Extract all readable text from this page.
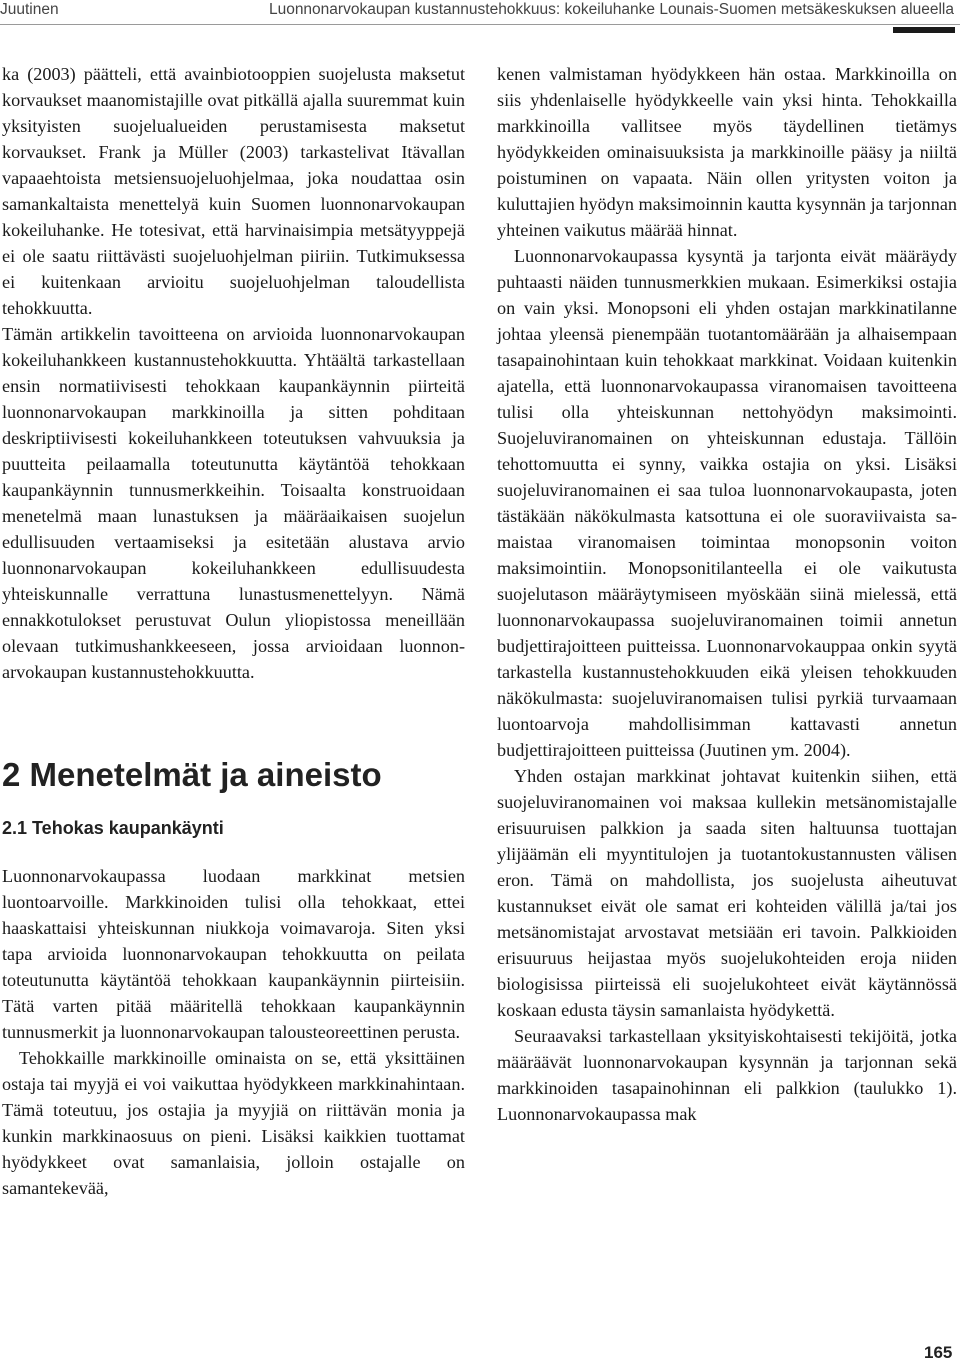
Juutinen	Luonnonarvokaupan kustannustehokkuus: kokeiluhanke Lounais-Suomen metsäkeskuksen alueella

ka (2003) päätteli, että avainbiotooppien suojelusta maksetut korvaukset maanomistajille ovat pitkällä ajalla suuremmat kuin yksityisten suojelualueiden perustamisesta maksetut korvaukset. Frank ja Müller (2003) tarkastelivat Itävallan vapaaehtoista metsiensuojeluohjelmaa, joka noudattaa osin samankaltaista menettelyä kuin Suomen luonnonarvokaupan kokeiluhanke. He totesivat, että harvinaisimpia metsätyyppejä ei ole saatu riittävästi suojeluohjelman piiriin. Tutkimuksessa ei kuitenkaan arvioitu suojeluohjelman taloudellista tehokkuutta.

Tämän artikkelin tavoitteena on arvioida luonnonarvokaupan kokeiluhankkeen kustannustehokkuutta. Yhtäältä tarkastellaan ensin normatiivisesti tehokkaan kaupankäynnin piirteitä luonnonarvokaupan markkinoilla ja sitten pohditaan deskriptiivisesti kokeiluhankkeen toteutuksen vahvuuksia ja puutteita peilaamalla toteutunutta käytäntöä tehokkaan kaupankäynnin tunnusmerkkeihin. Toisaalta konstruoidaan menetelmä maan lunastuksen ja määräaikaisen suojelun edullisuuden vertaamiseksi ja esitetään alustava arvio luonnonarvokaupan kokeiluhankkeen edullisuudesta yhteiskunnalle verrattuna lunastusmenettelyyn. Nämä ennakkotulokset perustuvat Oulun yliopistossa meneillään olevaan tutkimushankkeeseen, jossa arvioidaan luonnonarvokaupan kustannustehokkuutta.

2 Menetelmät ja aineisto
2.1 Tehokas kaupankäynti

Luonnonarvokaupassa luodaan markkinat metsien luontoarvoille. Markkinoiden tulisi olla tehokkaat, ettei haaskattaisi yhteiskunnan niukkoja voimavaroja. Siten yksi tapa arvioida luonnonarvokaupan tehokkuutta on peilata toteutunutta käytäntöä tehokkaan kaupankäynnin piirteisiin. Tätä varten pitää määritellä tehokkaan kaupankäynnin tunnusmerkit ja luonnonarvokaupan talousteoreettinen perusta.

Tehokkaille markkinoille ominaista on se, että yksittäinen ostaja tai myyjä ei voi vaikuttaa hyödykkeen markkinahintaan. Tämä toteutuu, jos ostajia ja myyjiä on riittävän monia ja kunkin markkinaosuus on pieni. Lisäksi kaikkien tuottamat hyödykkeet ovat samanlaisia, jolloin ostajalle on samantekevää,

kenen valmistaman hyödykkeen hän ostaa. Markkinoilla on siis yhdenlaiselle hyödykkeelle vain yksi hinta. Tehokkailla markkinoilla vallitsee myös täydellinen tietämys hyödykkeiden ominaisuuksista ja markkinoille pääsy ja niiltä poistuminen on vapaata. Näin ollen yritysten voiton ja kuluttajien hyödyn maksimoinnin kautta kysynnän ja tarjonnan yhteinen vaikutus määrää hinnat.

Luonnonarvokaupassa kysyntä ja tarjonta eivät määräydy puhtaasti näiden tunnusmerkkien mukaan. Esimerkiksi ostajia on vain yksi. Monopsoni eli yhden ostajan markkinatilanne johtaa yleensä pienempään tuotantomäärään ja alhaisempaan tasapainohintaan kuin tehokkaat markkinat. Voidaan kuitenkin ajatella, että luonnonarvokaupassa viranomaisen tavoitteena tulisi olla yhteiskunnan nettohyödyn maksimointi. Suojeluviranomainen on yhteiskunnan edustaja. Tällöin tehottomuutta ei synny, vaikka ostajia on yksi. Lisäksi suojeluviranomainen ei saa tuloa luonnonarvokaupasta, joten tästäkään näkökulmasta katsottuna ei ole suoraviivaista samaistaa viranomaisen toimintaa monopsonin voiton maksimointiin. Monopsonitilanteella ei ole vaikutusta suojelutason määräytymiseen myöskään siinä mielessä, että luonnonarvokaupassa suojeluviranomainen toimii annetun budjettirajoitteen puitteissa. Luonnonarvokauppaa onkin syytä tarkastella kustannustehokkuuden eikä yleisen tehokkuuden näkökulmasta: suojeluviranomaisen tulisi pyrkiä turvaamaan luontoarvoja mahdollisimman kattavasti annetun budjettirajoitteen puitteissa (Juutinen ym. 2004).

Yhden ostajan markkinat johtavat kuitenkin siihen, että suojeluviranomainen voi maksaa kullekin metsänomistajalle erisuuruisen palkkion ja saada siten haltuunsa tuottajan ylijäämän eli myyntitulojen ja tuotantokustannusten välisen eron. Tämä on mahdollista, jos suojelusta aiheutuvat kustannukset eivät ole samat eri kohteiden välillä ja/tai jos metsänomistajat arvostavat metsiään eri tavoin. Palkkioiden erisuuruus heijastaa myös suojelukohteiden eroja niiden biologisissa piirteissä eli suojelukohteet eivät käytännössä koskaan edusta täysin samanlaista hyödykettä.

Seuraavaksi tarkastellaan yksityiskohtaisesti tekijöitä, jotka määräävät luonnonarvokaupan kysynnän ja tarjonnan sekä markkinoiden tasapainohinnan eli palkkion (taulukko 1). Luonnonarvokaupassa mak

165
